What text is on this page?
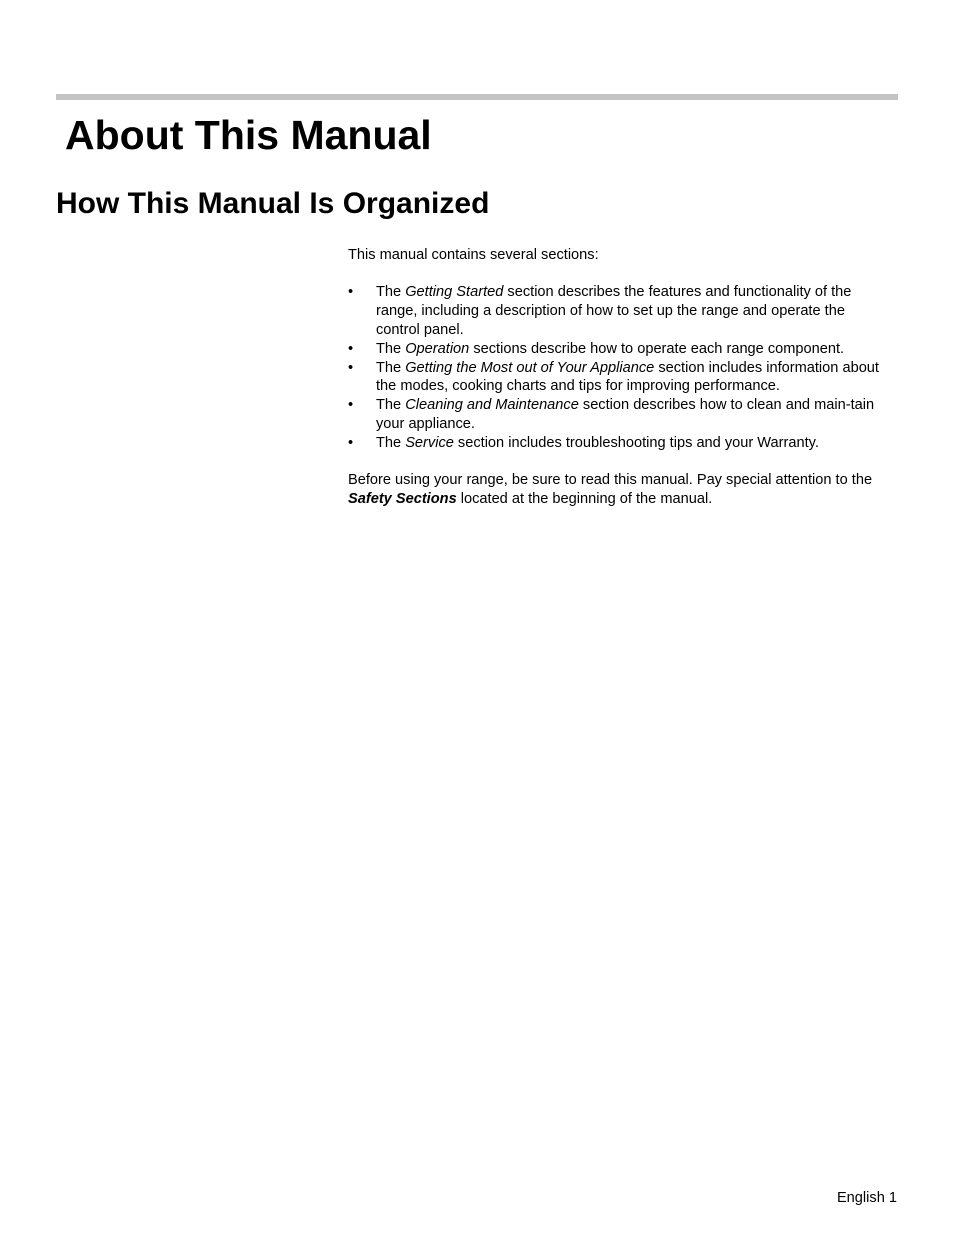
About This Manual
How This Manual Is Organized

This manual contains several sections:

• The Getting Started section describes the features and functionality of the range, including a description of how to set up the range and operate the control panel.
• The Operation sections describe how to operate each range component.
• The Getting the Most out of Your Appliance section includes information about the modes, cooking charts and tips for improving performance.
• The Cleaning and Maintenance section describes how to clean and main-tain your appliance.
• The Service section includes troubleshooting tips and your Warranty.

Before using your range, be sure to read this manual. Pay special attention to the Safety Sections located at the beginning of the manual.

English 1
